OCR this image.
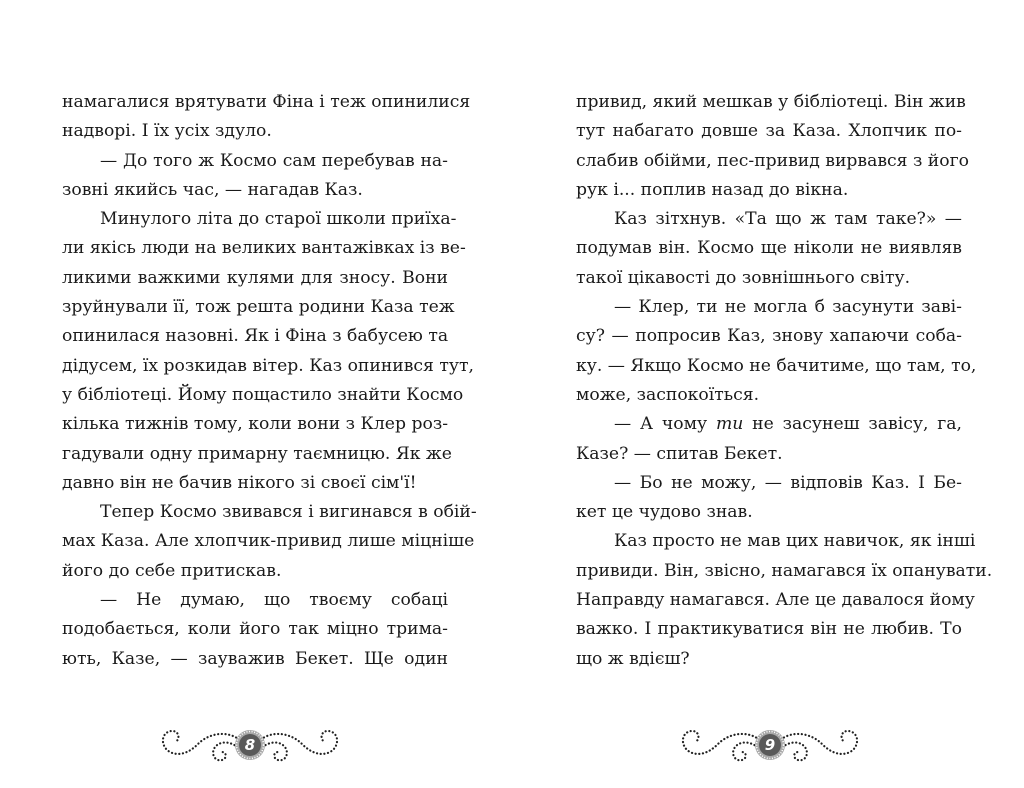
намагалися врятувати Фіна і теж опинилися
надворі. І їх усіх здуло.
— До того ж Космо сам перебував на-
зовні якийсь час, — нагадав Каз.
Минулого літа до старої школи приїха-
ли якісь люди на великих вантажівках із ве-
ликими важкими кулями для зносу. Вони
зруйнували її, тож решта родини Каза теж
опинилася назовні. Як і Фіна з бабусею та
дідусем, їх розкидав вітер. Каз опинився тут,
у бібліотеці. Йому пощастило знайти Космо
кілька тижнів тому, коли вони з Клер роз-
гадували одну примарну таємницю. Як же
давно він не бачив нікого зі своєї сім'ї!
Тепер Космо звивався і вигинався в обій-
мах Каза. Але хлопчик-привид лише міцніше
його до себе притискав.
— Не думаю, що твоєму собаці
подобається, коли його так міцно трима-
ють, Казе, — зауважив Бекет. Ще один
привид, який мешкав у бібліотеці. Він жив
тут набагато довше за Каза. Хлопчик по-
слабив обійми, пес-привид вирвався з його
рук і... поплив назад до вікна.
Каз зітхнув. «Та що ж там таке?» —
подумав він. Космо ще ніколи не виявляв
такої цікавості до зовнішнього світу.
— Клер, ти не могла б засунути заві-
су? — попросив Каз, знову хапаючи соба-
ку. — Якщо Космо не бачитиме, що там, то,
може, заспокоїться.
— А чому ти не засунеш завісу, га,
Казе? — спитав Бекет.
— Бо не можу, — відповів Каз. І Бе-
кет це чудово знав.
Каз просто не мав цих навичок, як інші
привиди. Він, звісно, намагався їх опанувати.
Направду намагався. Але це давалося йому
важко. І практикуватися він не любив. То
що ж вдієш?
8	9
